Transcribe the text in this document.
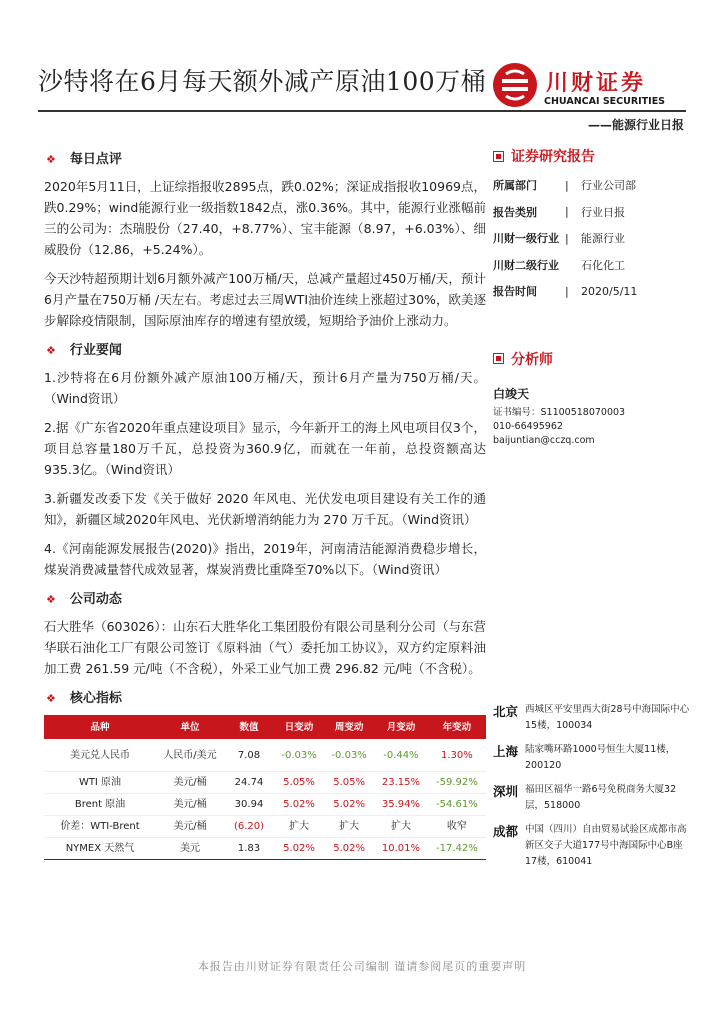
沙特将在6月每天额外减产原油100万桶	川财证券
CHUANCAI SECURITIES
——能源行业日报
❖ 每日点评

2020年5月11日，上证综指报收2895点，跌0.02%；深证成指报收10969点，跌0.29%；wind能源行业一级指数1842点，涨0.36%。其中，能源行业涨幅前三的公司为：杰瑞股份（27.40，+8.77%）、宝丰能源（8.97，+6.03%）、细威股份（12.86，+5.24%）。

今天沙特超预期计划6月额外减产100万桶/天，总减产量超过450万桶/天，预计6月产量在750万桶 /天左右。考虑过去三周WTI油价连续上涨超过30%，欧美逐步解除疫情限制，国际原油库存的增速有望放缓，短期给予油价上涨动力。

❖ 行业要闻

1.沙特将在6月份额外减产原油100万桶/天，预计6月产量为750万桶/天。（Wind资讯）

2.据《广东省2020年重点建设项目》显示，今年新开工的海上风电项目仅3个，项目总容量180万千瓦，总投资为360.9亿，而就在一年前，总投资额高达935.3亿。（Wind资讯）

3.新疆发改委下发《关于做好 2020 年风电、光伏发电项目建设有关工作的通知》，新疆区域2020年风电、光伏新增消纳能力为 270 万千瓦。（Wind资讯）

4.《河南能源发展报告(2020)》指出，2019年，河南清洁能源消费稳步增长，煤炭消费减量替代成效显著，煤炭消费比重降至70%以下。（Wind资讯）

❖ 公司动态

石大胜华（603026）：山东石大胜华化工集团股份有限公司垦利分公司（与东营华联石油化工厂有限公司签订《原料油（气）委托加工协议》，双方约定原料油加工费 261.59 元/吨（不含税），外采工业气加工费 296.82 元/吨（不含税）。

❖ 核心指标
品种	单位	数值	日变动	周变动	月变动	年变动
美元兑人民币	人民币/美元	7.08	-0.03%	-0.03%	-0.44%	1.30%
WTI 原油	美元/桶	24.74	5.05%	5.05%	23.15%	-59.92%
Brent 原油	美元/桶	30.94	5.02%	5.02%	35.94%	-54.61%
价差：WTI-Brent	美元/桶	(6.20)	扩大	扩大	扩大	收窄
NYMEX 天然气	美元	1.83	5.02%	5.02%	10.01%	-17.42%
证券研究报告
所属部门	|	行业公司部
报告类别	|	行业日报
川财一级行业 |	能源行业
川财二级行业	石化化工
报告时间	|	2020/5/11
分析师
白竣天
证书编号：S1100518070003
010-66495962
baijuntian@cczq.com
北京 西城区平安里西大街28号中海国际中心15楼，100034
上海 陆家嘴环路1000号恒生大厦11楼，200120
深圳 福田区福华一路6号免税商务大厦32层，518000
成都 中国（四川）自由贸易试验区成都市高新区交子大道177号中海国际中心B座17楼，610041
本报告由川财证券有限责任公司编制 谨请参阅尾页的重要声明
